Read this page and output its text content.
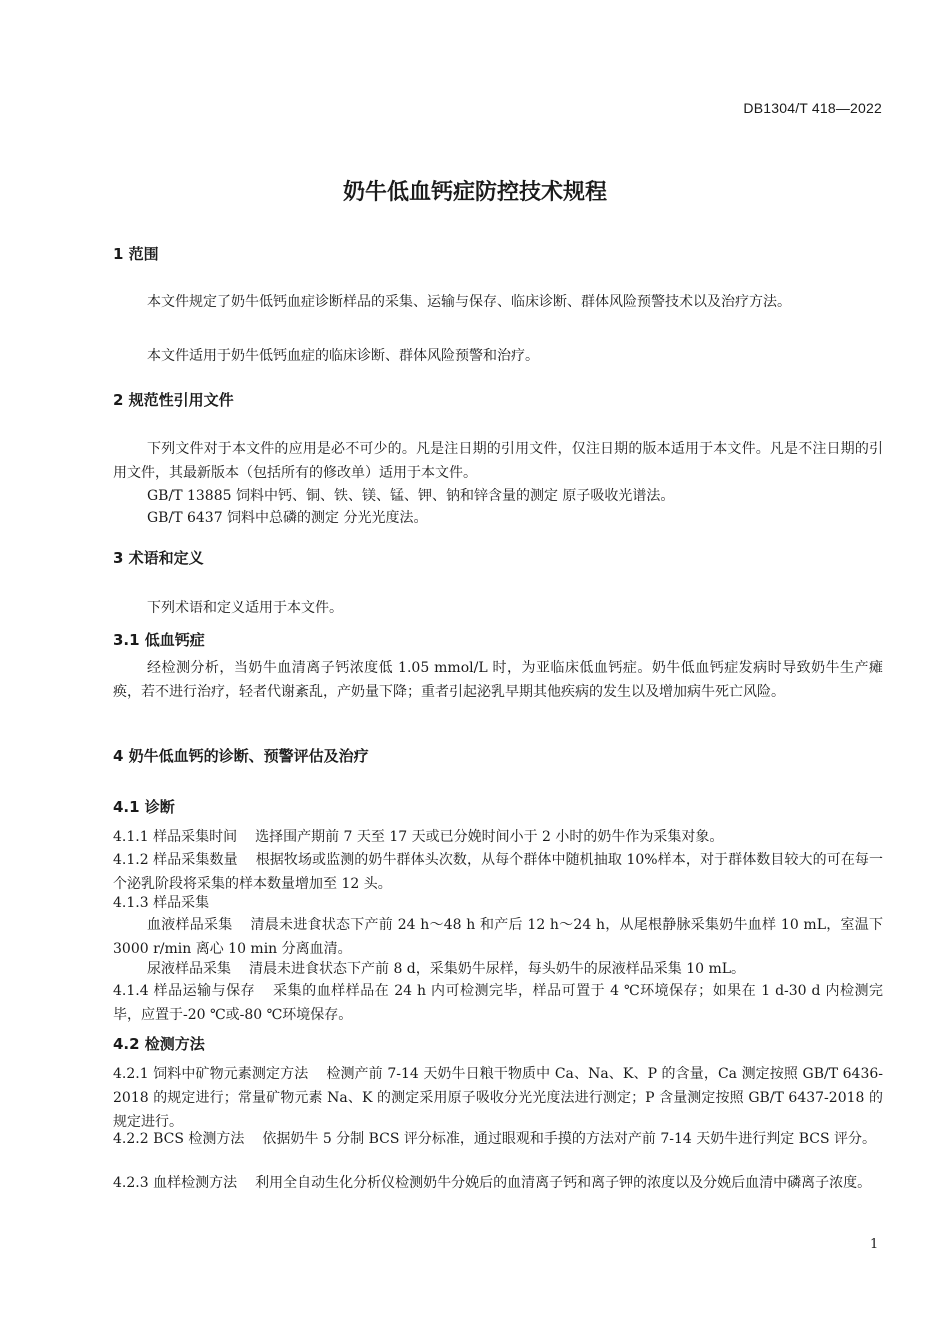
DB1304/T 418—2022
奶牛低血钙症防控技术规程
1 范围
本文件规定了奶牛低钙血症诊断样品的采集、运输与保存、临床诊断、群体风险预警技术以及治疗方法。
本文件适用于奶牛低钙血症的临床诊断、群体风险预警和治疗。
2 规范性引用文件
下列文件对于本文件的应用是必不可少的。凡是注日期的引用文件，仅注日期的版本适用于本文件。凡是不注日期的引用文件，其最新版本（包括所有的修改单）适用于本文件。
GB/T 13885 饲料中钙、铜、铁、镁、锰、钾、钠和锌含量的测定 原子吸收光谱法。
GB/T 6437 饲料中总磷的测定 分光光度法。
3 术语和定义
下列术语和定义适用于本文件。
3.1 低血钙症
经检测分析，当奶牛血清离子钙浓度低 1.05 mmol/L 时，为亚临床低血钙症。奶牛低血钙症发病时导致奶牛生产瘫痪，若不进行治疗，轻者代谢紊乱，产奶量下降；重者引起泌乳早期其他疾病的发生以及增加病牛死亡风险。
4 奶牛低血钙的诊断、预警评估及治疗
4.1 诊断
4.1.1 样品采集时间 选择围产期前 7 天至 17 天或已分娩时间小于 2 小时的奶牛作为采集对象。
4.1.2 样品采集数量 根据牧场或监测的奶牛群体头次数，从每个群体中随机抽取 10%样本，对于群体数目较大的可在每一个泌乳阶段将采集的样本数量增加至 12 头。
4.1.3 样品采集
血液样品采集 清晨未进食状态下产前 24 h～48 h 和产后 12 h～24 h，从尾根静脉采集奶牛血样 10 mL，室温下 3000 r/min 离心 10 min 分离血清。
尿液样品采集 清晨未进食状态下产前 8 d，采集奶牛尿样，每头奶牛的尿液样品采集 10 mL。
4.1.4 样品运输与保存 采集的血样样品在 24 h 内可检测完毕，样品可置于 4 ℃环境保存；如果在 1 d-30 d 内检测完毕，应置于-20 ℃或-80 ℃环境保存。
4.2 检测方法
4.2.1 饲料中矿物元素测定方法 检测产前 7-14 天奶牛日粮干物质中 Ca、Na、K、P 的含量，Ca 测定按照 GB/T 6436-2018 的规定进行；常量矿物元素 Na、K 的测定采用原子吸收分光光度法进行测定；P 含量测定按照 GB/T 6437-2018 的规定进行。
4.2.2 BCS 检测方法 依据奶牛 5 分制 BCS 评分标准，通过眼观和手摸的方法对产前 7-14 天奶牛进行判定 BCS 评分。
4.2.3 血样检测方法 利用全自动生化分析仪检测奶牛分娩后的血清离子钙和离子钾的浓度以及分娩后血清中磷离子浓度。
1
